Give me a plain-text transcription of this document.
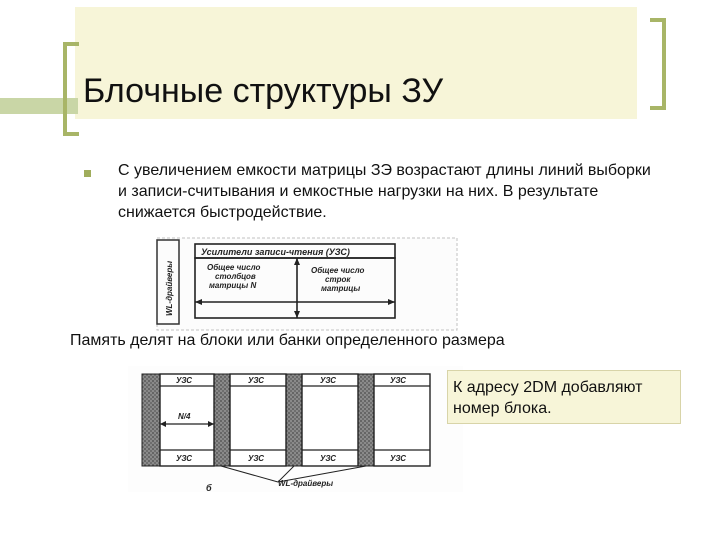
Блочные структуры ЗУ
С увеличением емкости матрицы ЗЭ возрастают длины линий выборки и записи-считывания и емкостные нагрузки на них. В результате снижается быстродействие.
WL-драйверы
Усилители записи-чтения (УЗС)
Общее число
столбцов
матрицы N
Общее число
строк
матрицы
Память делят на блоки или банки определенного размера
УЗС	УЗС	УЗС	УЗС
УЗС	УЗС	УЗС	УЗС
N/4
WL-драйверы
б
К адресу 2DM добавляют номер блока.
